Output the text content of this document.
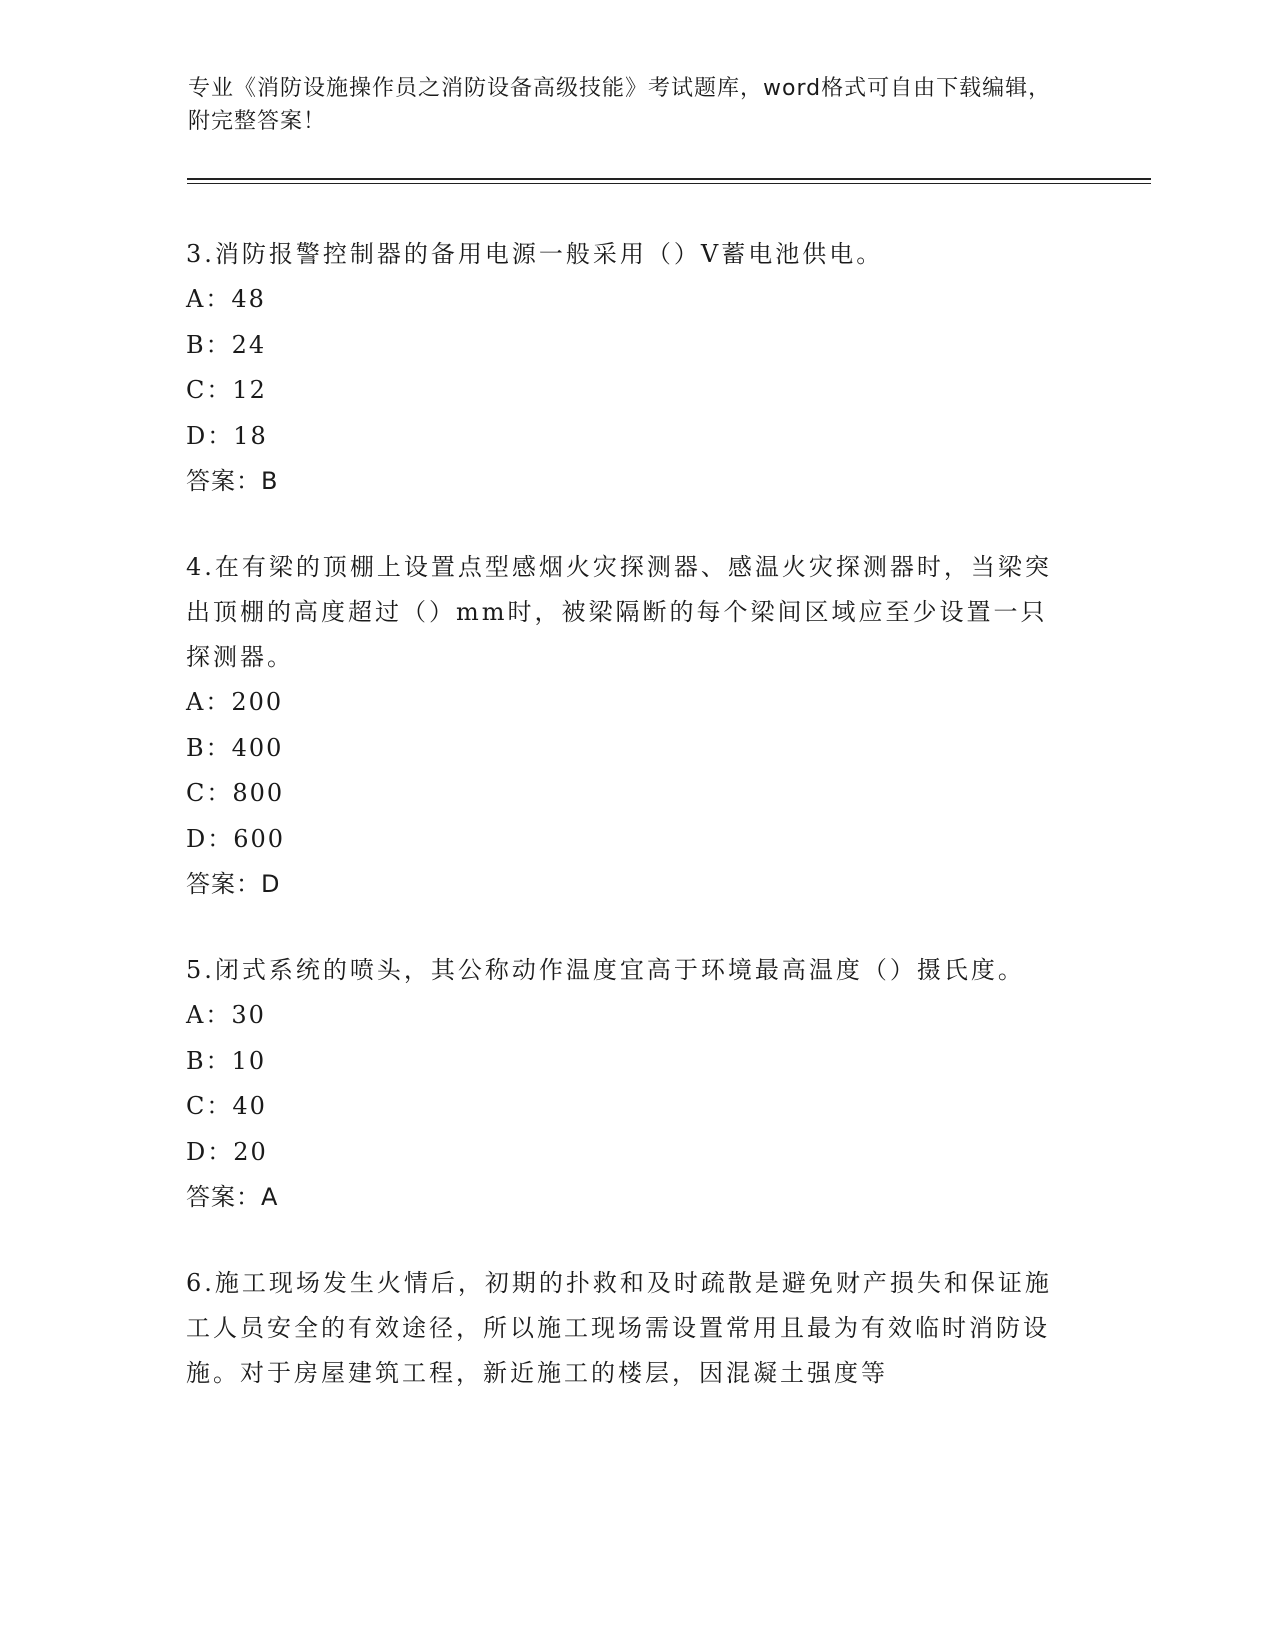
专业《消防设施操作员之消防设备高级技能》考试题库，word格式可自由下载编辑，附完整答案！
3.消防报警控制器的备用电源一般采用（）V蓄电池供电。
A：48
B：24
C：12
D：18
答案：B
4.在有梁的顶棚上设置点型感烟火灾探测器、感温火灾探测器时，当梁突出顶棚的高度超过（）mm时，被梁隔断的每个梁间区域应至少设置一只探测器。
A：200
B：400
C：800
D：600
答案：D
5.闭式系统的喷头，其公称动作温度宜高于环境最高温度（）摄氏度。
A：30
B：10
C：40
D：20
答案：A
6.施工现场发生火情后，初期的扑救和及时疏散是避免财产损失和保证施工人员安全的有效途径，所以施工现场需设置常用且最为有效临时消防设施。对于房屋建筑工程，新近施工的楼层，因混凝土强度等
